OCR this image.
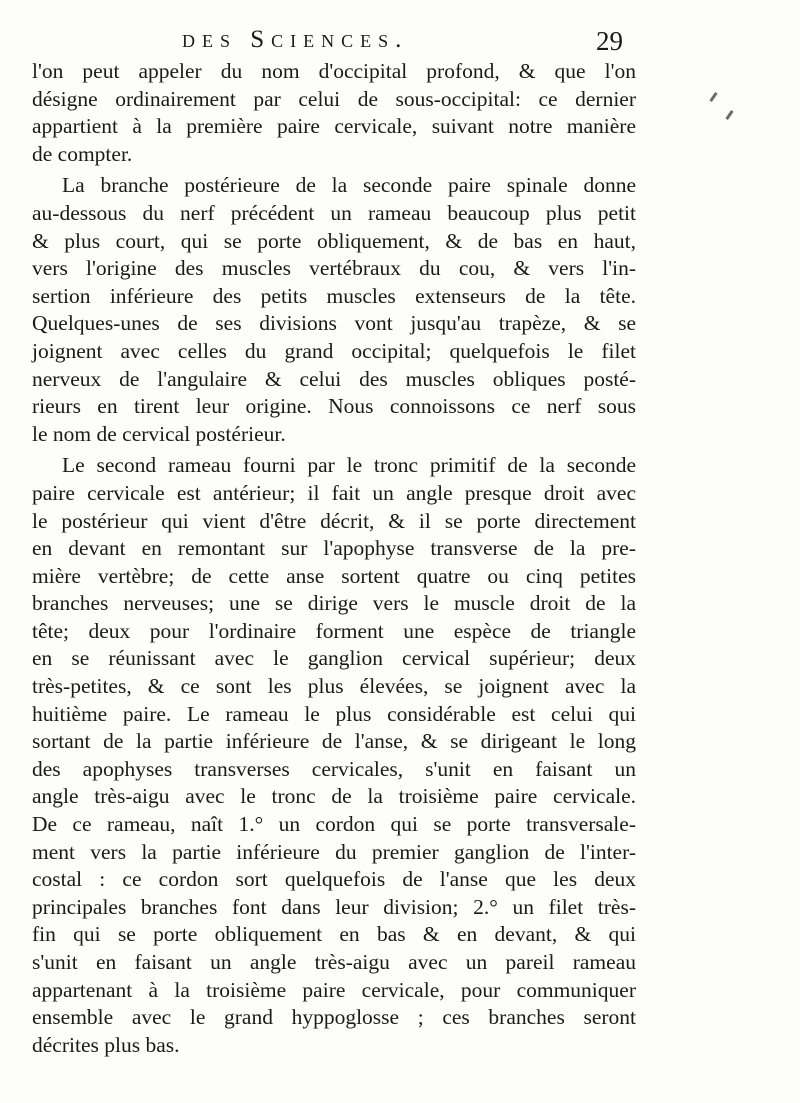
des Sciences.	29
l'on peut appeler du nom d'occipital profond, & que l'on
désigne ordinairement par celui de sous-occipital: ce dernier
appartient à la première paire cervicale, suivant notre manière
de compter.
La branche postérieure de la seconde paire spinale donne
au-dessous du nerf précédent un rameau beaucoup plus petit
& plus court, qui se porte obliquement, & de bas en haut,
vers l'origine des muscles vertébraux du cou, & vers l'in-
sertion inférieure des petits muscles extenseurs de la tête.
Quelques-unes de ses divisions vont jusqu'au trapèze, & se
joignent avec celles du grand occipital; quelquefois le filet
nerveux de l'angulaire & celui des muscles obliques posté-
rieurs en tirent leur origine. Nous connoissons ce nerf sous
le nom de cervical postérieur.
Le second rameau fourni par le tronc primitif de la seconde
paire cervicale est antérieur; il fait un angle presque droit avec
le postérieur qui vient d'être décrit, & il se porte directement
en devant en remontant sur l'apophyse transverse de la pre-
mière vertèbre; de cette anse sortent quatre ou cinq petites
branches nerveuses; une se dirige vers le muscle droit de la
tête; deux pour l'ordinaire forment une espèce de triangle
en se réunissant avec le ganglion cervical supérieur; deux
très-petites, & ce sont les plus élevées, se joignent avec la
huitième paire. Le rameau le plus considérable est celui qui
sortant de la partie inférieure de l'anse, & se dirigeant le long
des apophyses transverses cervicales, s'unit en faisant un
angle très-aigu avec le tronc de la troisième paire cervicale.
De ce rameau, naît 1.° un cordon qui se porte transversale-
ment vers la partie inférieure du premier ganglion de l'inter-
costal : ce cordon sort quelquefois de l'anse que les deux
principales branches font dans leur division; 2.° un filet très-
fin qui se porte obliquement en bas & en devant, & qui
s'unit en faisant un angle très-aigu avec un pareil rameau
appartenant à la troisième paire cervicale, pour communiquer
ensemble avec le grand hyppoglosse ; ces branches seront
décrites plus bas.
